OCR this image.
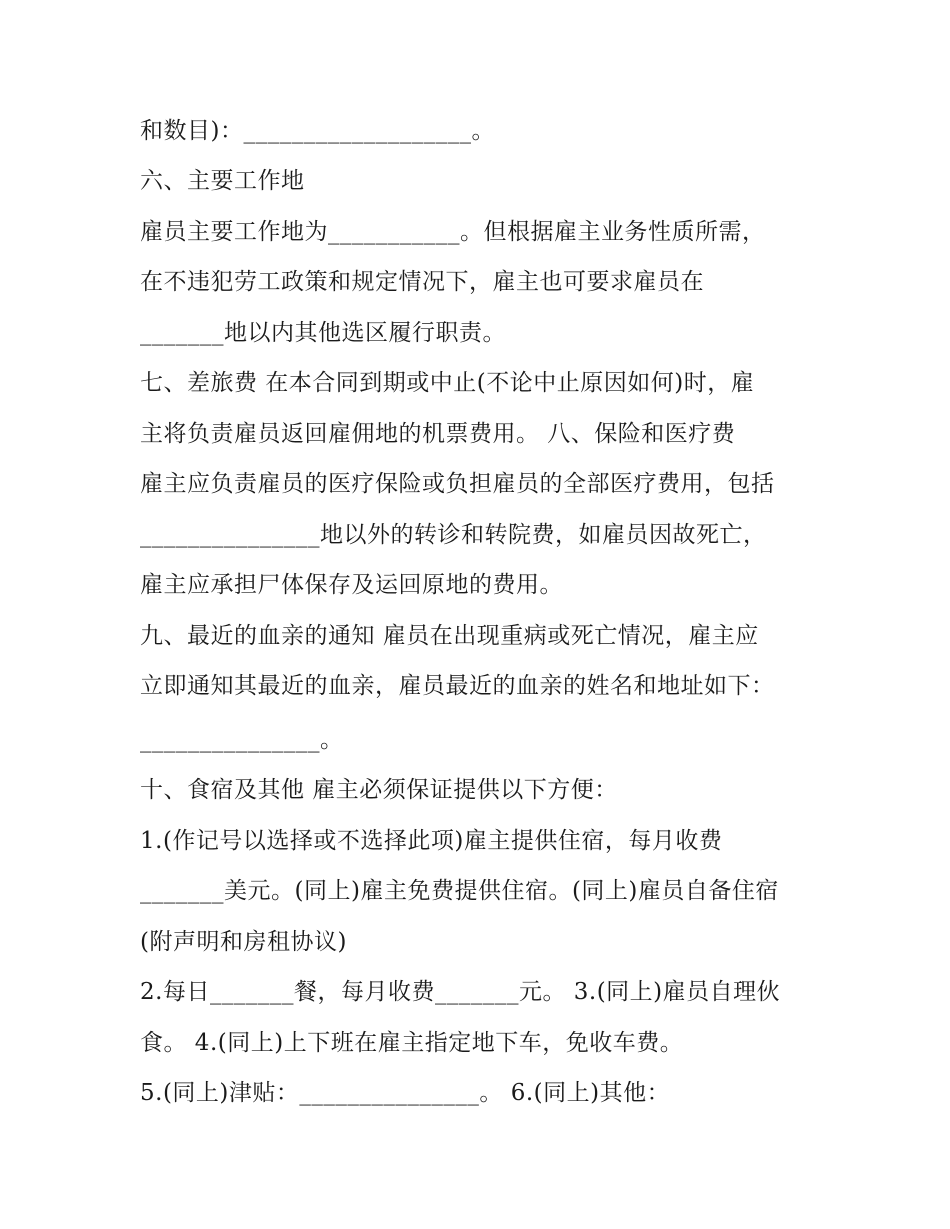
和数目)：___________________。
六、主要工作地
雇员主要工作地为___________。但根据雇主业务性质所需，
在不违犯劳工政策和规定情况下，雇主也可要求雇员在
_______地以内其他选区履行职责。
七、差旅费 在本合同到期或中止(不论中止原因如何)时，雇
主将负责雇员返回雇佣地的机票费用。 八、保险和医疗费
雇主应负责雇员的医疗保险或负担雇员的全部医疗费用，包括
_______________地以外的转诊和转院费，如雇员因故死亡，
雇主应承担尸体保存及运回原地的费用。
九、最近的血亲的通知 雇员在出现重病或死亡情况，雇主应
立即通知其最近的血亲，雇员最近的血亲的姓名和地址如下：
_______________。
十、食宿及其他 雇主必须保证提供以下方便：
1.(作记号以选择或不选择此项)雇主提供住宿，每月收费
_______美元。(同上)雇主免费提供住宿。(同上)雇员自备住宿
(附声明和房租协议)
2.每日_______餐，每月收费_______元。 3.(同上)雇员自理伙
食。 4.(同上)上下班在雇主指定地下车，免收车费。
5.(同上)津贴：_______________。 6.(同上)其他：
